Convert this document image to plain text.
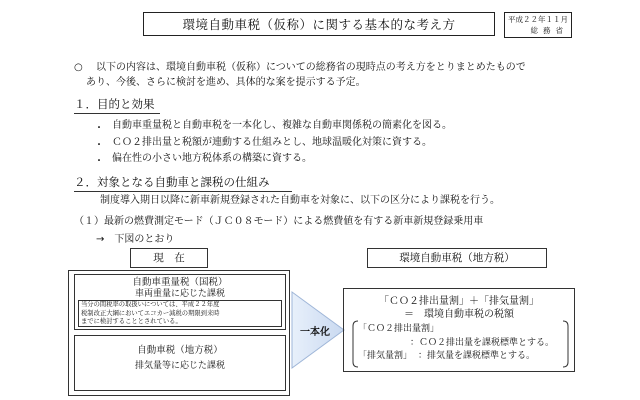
環境自動車税（仮称）に関する基本的な考え方	平成２２年１１月
総務省
○ 以下の内容は、環境自動車税（仮称）についての総務省の現時点の考え方をとりまとめたもので
あり、今後、さらに検討を進め、具体的な案を提示する予定。
１．目的と効果
・ 自動車重量税と自動車税を一本化し、複雑な自動車関係税の簡素化を図る。
・ ＣＯ２排出量と税額が連動する仕組みとし、地球温暖化対策に資する。
・ 偏在性の小さい地方税体系の構築に資する。
２．対象となる自動車と課税の仕組み
制度導入期日以降に新車新規登録された自動車を対象に、以下の区分により課税を行う。
（１）最新の燃費測定モード（ＪＣ０８モード）による燃費値を有する新車新規登録乗用車
→　下図のとおり
現　在	環境自動車税（地方税）
自動車重量税（国税）
車両重量に応じた課税
当分の間税率の取扱いについては、平成２２年度
税制改正大綱においてエコカー減税の期限到来時
までに検討することとされている。
自動車税（地方税）
排気量等に応じた課税
一本化
「ＣＯ２排出量割」＋「排気量割」
＝　環境自動車税の税額
「ＣＯ２排出量割」
：ＣＯ２排出量を課税標準とする。
「排気量割」 ：排気量を課税標準とする。
